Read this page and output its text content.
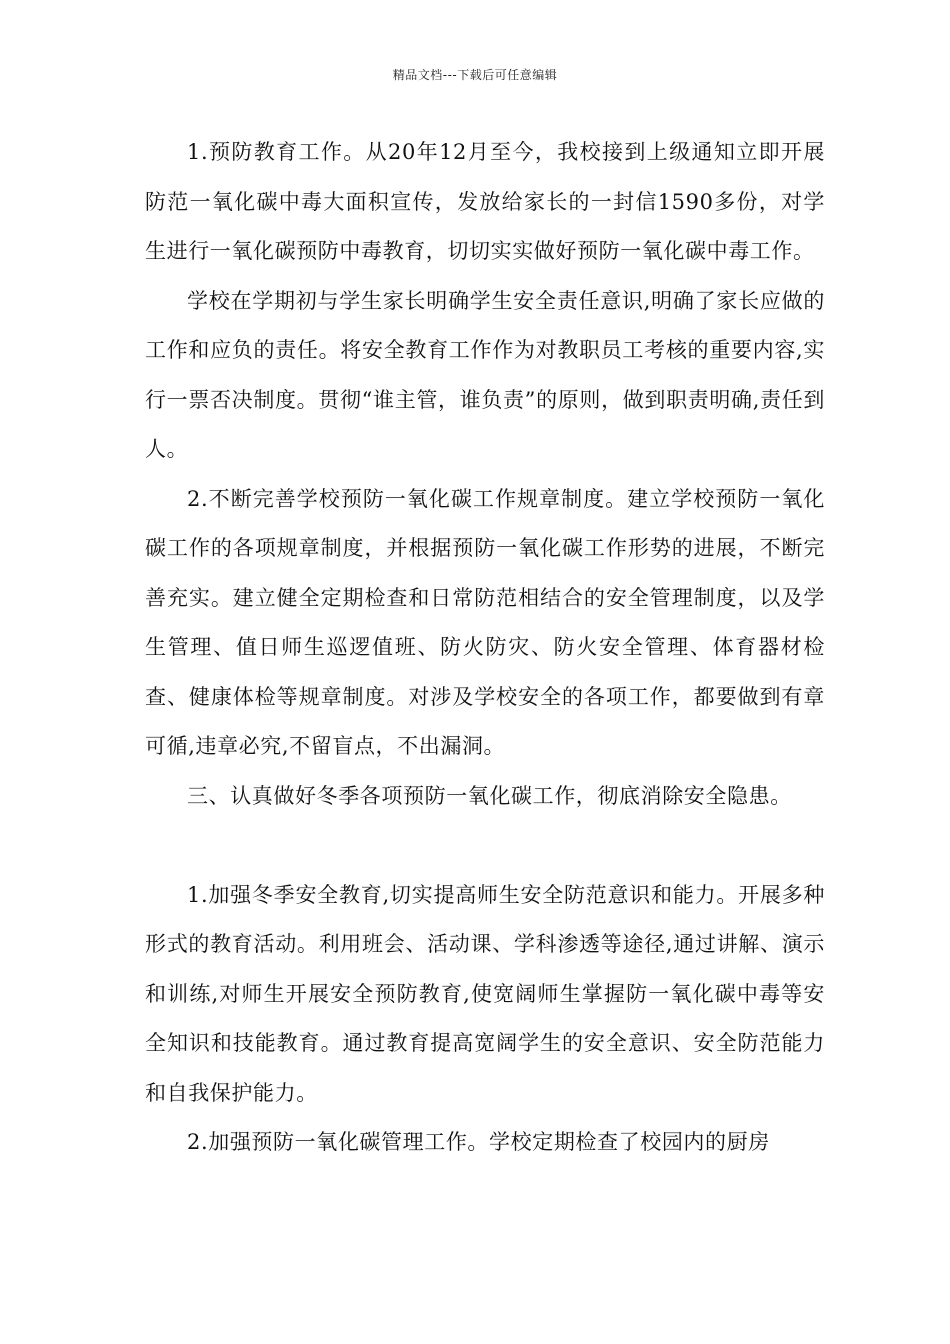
精品文档---下载后可任意编辑

1.预防教育工作。从20年12月至今，我校接到上级通知立即开展防范一氧化碳中毒大面积宣传，发放给家长的一封信1590多份，对学生进行一氧化碳预防中毒教育，切切实实做好预防一氧化碳中毒工作。

学校在学期初与学生家长明确学生安全责任意识,明确了家长应做的工作和应负的责任。将安全教育工作作为对教职员工考核的重要内容,实行一票否决制度。贯彻“谁主管，谁负责”的原则，做到职责明确,责任到人。

2.不断完善学校预防一氧化碳工作规章制度。建立学校预防一氧化碳工作的各项规章制度，并根据预防一氧化碳工作形势的进展，不断完善充实。建立健全定期检查和日常防范相结合的安全管理制度，以及学生管理、值日师生巡逻值班、防火防灾、防火安全管理、体育器材检查、健康体检等规章制度。对涉及学校安全的各项工作，都要做到有章可循,违章必究,不留盲点，不出漏洞。

三、认真做好冬季各项预防一氧化碳工作，彻底消除安全隐患。

1.加强冬季安全教育,切实提高师生安全防范意识和能力。开展多种形式的教育活动。利用班会、活动课、学科渗透等途径,通过讲解、演示和训练,对师生开展安全预防教育,使宽阔师生掌握防一氧化碳中毒等安全知识和技能教育。通过教育提高宽阔学生的安全意识、安全防范能力和自我保护能力。

2.加强预防一氧化碳管理工作。学校定期检查了校园内的厨房
